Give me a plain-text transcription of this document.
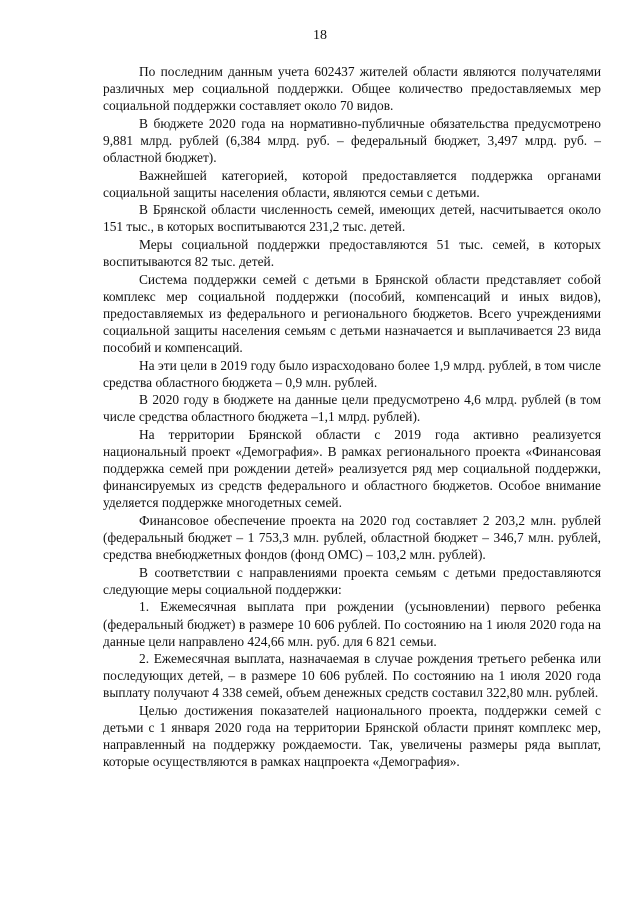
18

По последним данным учета 602437 жителей области являются получателями различных мер социальной поддержки. Общее количество предоставляемых мер социальной поддержки составляет около 70 видов.

В бюджете 2020 года на нормативно-публичные обязательства предусмотрено 9,881 млрд. рублей (6,384 млрд. руб. – федеральный бюджет, 3,497 млрд. руб. – областной бюджет).

Важнейшей категорией, которой предоставляется поддержка органами социальной защиты населения области, являются семьи с детьми.

В Брянской области численность семей, имеющих детей, насчитывается около 151 тыс., в которых воспитываются 231,2 тыс. детей.

Меры социальной поддержки предоставляются 51 тыс. семей, в которых воспитываются 82 тыс. детей.

Система поддержки семей с детьми в Брянской области представляет собой комплекс мер социальной поддержки (пособий, компенсаций и иных видов), предоставляемых из федерального и регионального бюджетов. Всего учреждениями социальной защиты населения семьям с детьми назначается и выплачивается 23 вида пособий и компенсаций.

На эти цели в 2019 году было израсходовано более 1,9 млрд. рублей, в том числе средства областного бюджета – 0,9 млн. рублей.

В 2020 году в бюджете на данные цели предусмотрено 4,6 млрд. рублей (в том числе средства областного бюджета –1,1 млрд. рублей).

На территории Брянской области с 2019 года активно реализуется национальный проект «Демография». В рамках регионального проекта «Финансовая поддержка семей при рождении детей» реализуется ряд мер социальной поддержки, финансируемых из средств федерального и областного бюджетов. Особое внимание уделяется поддержке многодетных семей.

Финансовое обеспечение проекта на 2020 год составляет 2 203,2 млн. рублей (федеральный бюджет – 1 753,3 млн. рублей, областной бюджет – 346,7 млн. рублей, средства внебюджетных фондов (фонд ОМС) – 103,2 млн. рублей).

В соответствии с направлениями проекта семьям с детьми предоставляются следующие меры социальной поддержки:

1. Ежемесячная выплата при рождении (усыновлении) первого ребенка (федеральный бюджет) в размере 10 606 рублей. По состоянию на 1 июля 2020 года на данные цели направлено 424,66 млн. руб. для 6 821 семьи.

2. Ежемесячная выплата, назначаемая в случае рождения третьего ребенка или последующих детей, – в размере 10 606 рублей. По состоянию на 1 июля 2020 года выплату получают 4 338 семей, объем денежных средств составил 322,80 млн. рублей.

Целью достижения показателей национального проекта, поддержки семей с детьми с 1 января 2020 года на территории Брянской области принят комплекс мер, направленный на поддержку рождаемости. Так, увеличены размеры ряда выплат, которые осуществляются в рамках нацпроекта «Демография».
